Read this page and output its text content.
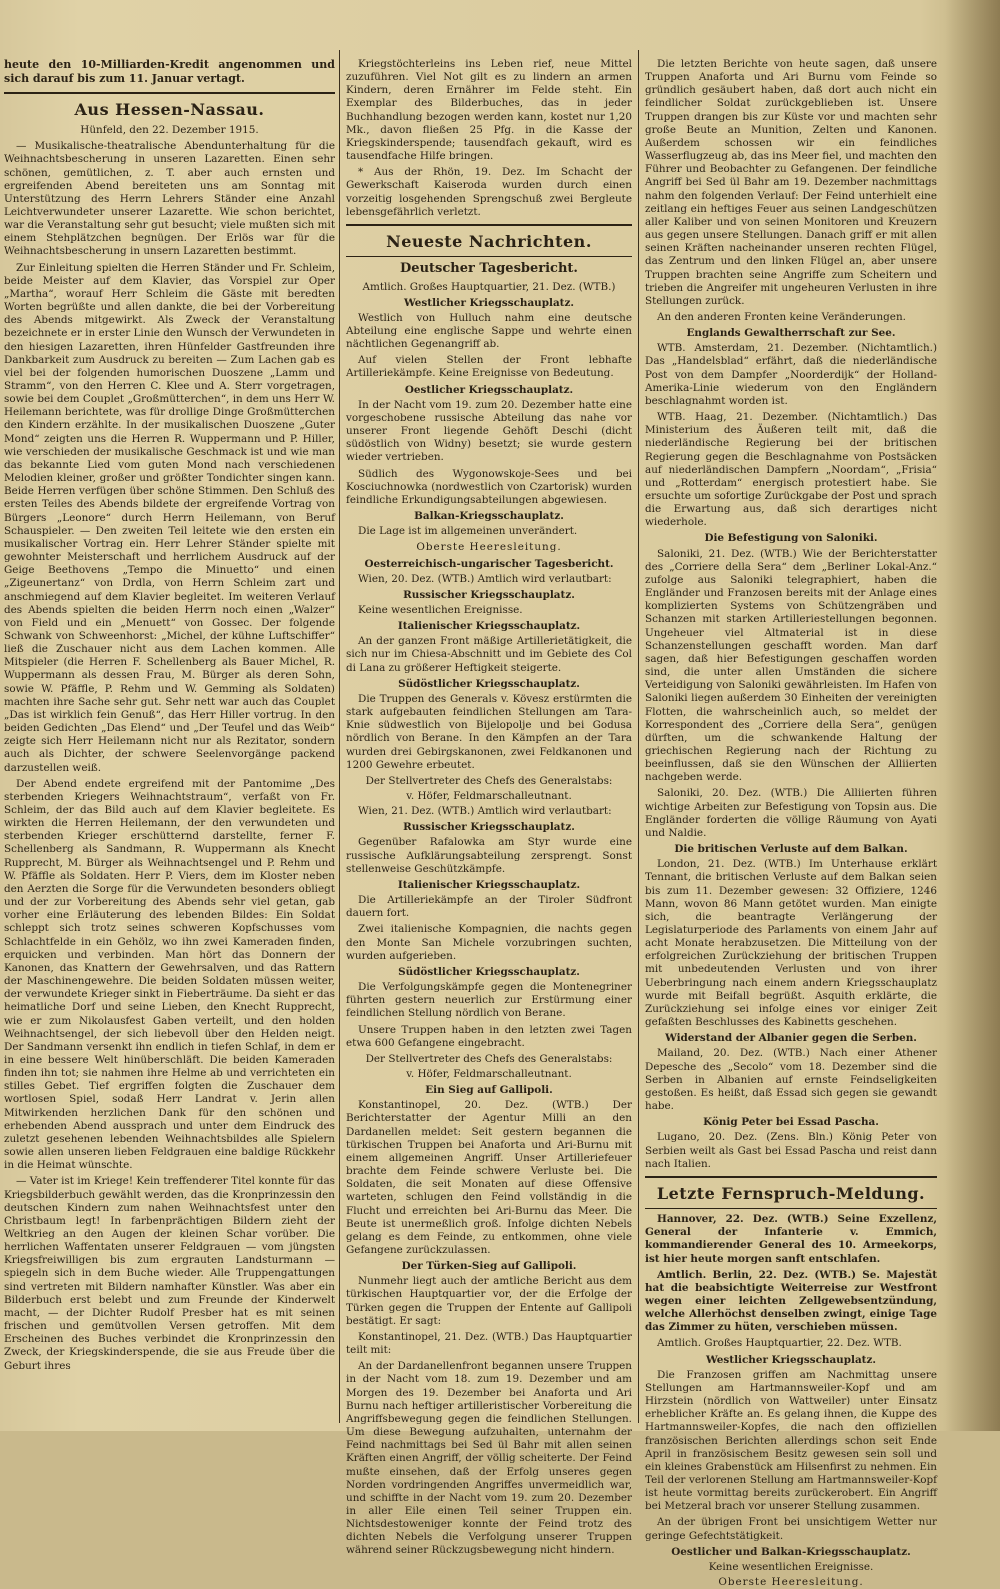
heute den 10-Milliarden-Kredit angenommen und sich darauf bis zum 11. Januar vertagt.

Aus Hessen-Nassau.
Hünfeld, den 22. Dezember 1915.

— Musikalische-theatralische Abendunterhaltung für die Weihnachtsbescherung in unseren Lazaretten. Einen sehr schönen, gemütlichen, z. T. aber auch ernsten und ergreifenden Abend bereiteten uns am Sonntag mit Unterstützung des Herrn Lehrers Ständer eine Anzahl Leichtverwundeter unserer Lazarette. Wie schon berichtet, war die Veranstaltung sehr gut besucht; viele mußten sich mit einem Stehplätzchen begnügen. Der Erlös war für die Weihnachtsbescherung in unsern Lazaretten bestimmt.

Zur Einleitung spielten die Herren Ständer und Fr. Schleim, beide Meister auf dem Klavier, das Vorspiel zur Oper „Martha“, worauf Herr Schleim die Gäste mit beredten Worten begrüßte und allen dankte, die bei der Vorbereitung des Abends mitgewirkt. Als Zweck der Veranstaltung bezeichnete er in erster Linie den Wunsch der Verwundeten in den hiesigen Lazaretten, ihren Hünfelder Gastfreunden ihre Dankbarkeit zum Ausdruck zu bereiten — Zum Lachen gab es viel bei der folgenden humorischen Duoszene „Lamm und Stramm“, von den Herren C. Klee und A. Sterr vorgetragen, sowie bei dem Couplet „Großmütterchen“, in dem uns Herr W. Heilemann berichtete, was für drollige Dinge Großmütterchen den Kindern erzählte. In der musikalischen Duoszene „Guter Mond“ zeigten uns die Herren R. Wuppermann und P. Hiller, wie verschieden der musikalische Geschmack ist und wie man das bekannte Lied vom guten Mond nach verschiedenen Melodien kleiner, großer und größter Tondichter singen kann. Beide Herren verfügen über schöne Stimmen. Den Schluß des ersten Teiles des Abends bildete der ergreifende Vortrag von Bürgers „Leonore“ durch Herrn Heilemann, von Beruf Schauspieler. — Den zweiten Teil leitete wie den ersten ein musikalischer Vortrag ein. Herr Lehrer Ständer spielte mit gewohnter Meisterschaft und herrlichem Ausdruck auf der Geige Beethovens „Tempo die Minuetto“ und einen „Zigeunertanz“ von Drdla, von Herrn Schleim zart und anschmiegend auf dem Klavier begleitet. Im weiteren Verlauf des Abends spielten die beiden Herrn noch einen „Walzer“ von Field und ein „Menuett“ von Gossec. Der folgende Schwank von Schweenhorst: „Michel, der kühne Luftschiffer“ ließ die Zuschauer nicht aus dem Lachen kommen. Alle Mitspieler (die Herren F. Schellenberg als Bauer Michel, R. Wuppermann als dessen Frau, M. Bürger als deren Sohn, sowie W. Pfäffle, P. Rehm und W. Gemming als Soldaten) machten ihre Sache sehr gut. Sehr nett war auch das Couplet „Das ist wirklich fein Genuß“, das Herr Hiller vortrug. In den beiden Gedichten „Das Elend“ und „Der Teufel und das Weib“ zeigte sich Herr Heilemann nicht nur als Rezitator, sondern auch als Dichter, der schwere Seelenvorgänge packend darzustellen weiß.

Der Abend endete ergreifend mit der Pantomime „Des sterbenden Kriegers Weihnachtstraum“, verfaßt von Fr. Schleim, der das Bild auch auf dem Klavier begleitete. Es wirkten die Herren Heilemann, der den verwundeten und sterbenden Krieger erschütternd darstellte, ferner F. Schellenberg als Sandmann, R. Wuppermann als Knecht Rupprecht, M. Bürger als Weihnachtsengel und P. Rehm und W. Pfäffle als Soldaten. Herr P. Viers, dem im Kloster neben den Aerzten die Sorge für die Verwundeten besonders obliegt und der zur Vorbereitung des Abends sehr viel getan, gab vorher eine Erläuterung des lebenden Bildes: Ein Soldat schleppt sich trotz seines schweren Kopfschusses vom Schlachtfelde in ein Gehölz, wo ihn zwei Kameraden finden, erquicken und verbinden. Man hört das Donnern der Kanonen, das Knattern der Gewehrsalven, und das Rattern der Maschinengewehre. Die beiden Soldaten müssen weiter, der verwundete Krieger sinkt in Fieberträume. Da sieht er das heimatliche Dorf und seine Lieben, den Knecht Rupprecht, wie er zum Nikolausfest Gaben verteilt, und den holden Weihnachtsengel, der sich liebevoll über den Helden neigt. Der Sandmann versenkt ihn endlich in tiefen Schlaf, in dem er in eine bessere Welt hinüberschläft. Die beiden Kameraden finden ihn tot; sie nahmen ihre Helme ab und verrichteten ein stilles Gebet. Tief ergriffen folgten die Zuschauer dem wortlosen Spiel, sodaß Herr Landrat v. Jerin allen Mitwirkenden herzlichen Dank für den schönen und erhebenden Abend aussprach und unter dem Eindruck des zuletzt gesehenen lebenden Weihnachtsbildes alle Spielern sowie allen unseren lieben Feldgrauen eine baldige Rückkehr in die Heimat wünschte.

— Vater ist im Kriege! Kein treffenderer Titel konnte für das Kriegsbilderbuch gewählt werden, das die Kronprinzessin den deutschen Kindern zum nahen Weihnachtsfest unter den Christbaum legt! In farbenprächtigen Bildern zieht der Weltkrieg an den Augen der kleinen Schar vorüber. Die herrlichen Waffentaten unserer Feldgrauen — vom jüngsten Kriegsfreiwilligen bis zum ergrauten Landsturmann — spiegeln sich in dem Buche wieder. Alle Truppengattungen sind vertreten mit Bildern namhafter Künstler. Was aber ein Bilderbuch erst belebt und zum Freunde der Kinderwelt macht, — der Dichter Rudolf Presber hat es mit seinen frischen und gemütvollen Versen getroffen. Mit dem Erscheinen des Buches verbindet die Kronprinzessin den Zweck, der Kriegskinderspende, die sie aus Freude über die Geburt ihres

Kriegstöchterleins ins Leben rief, neue Mittel zuzuführen. Viel Not gilt es zu lindern an armen Kindern, deren Ernährer im Felde steht. Ein Exemplar des Bilderbuches, das in jeder Buchhandlung bezogen werden kann, kostet nur 1,20 Mk., davon fließen 25 Pfg. in die Kasse der Kriegskinderspende; tausendfach gekauft, wird es tausendfache Hilfe bringen.

* Aus der Rhön, 19. Dez. Im Schacht der Gewerkschaft Kaiseroda wurden durch einen vorzeitig losgehenden Sprengschuß zwei Bergleute lebensgefährlich verletzt.

Neueste Nachrichten.
Deutscher Tagesbericht.

Amtlich. Großes Hauptquartier, 21. Dez. (WTB.)

Westlicher Kriegsschauplatz.

Westlich von Hulluch nahm eine deutsche Abteilung eine englische Sappe und wehrte einen nächtlichen Gegenangriff ab.

Auf vielen Stellen der Front lebhafte Artilleriekämpfe. Keine Ereignisse von Bedeutung.

Oestlicher Kriegsschauplatz.

In der Nacht vom 19. zum 20. Dezember hatte eine vorgeschobene russische Abteilung das nahe vor unserer Front liegende Gehöft Deschi (dicht südöstlich von Widny) besetzt; sie wurde gestern wieder vertrieben.

Südlich des Wygonowskoje-Sees und bei Kosciuchnowka (nordwestlich von Czartorisk) wurden feindliche Erkundigungsabteilungen abgewiesen.

Balkan-Kriegsschauplatz.

Die Lage ist im allgemeinen unverändert.

Oberste Heeresleitung.

Oesterreichisch-ungarischer Tagesbericht.

Wien, 20. Dez. (WTB.) Amtlich wird verlautbart:

Russischer Kriegsschauplatz.

Keine wesentlichen Ereignisse.

Italienischer Kriegsschauplatz.

An der ganzen Front mäßige Artillerietätigkeit, die sich nur im Chiesa-Abschnitt und im Gebiete des Col di Lana zu größerer Heftigkeit steigerte.

Südöstlicher Kriegsschauplatz.

Die Truppen des Generals v. Kövesz erstürmten die stark aufgebauten feindlichen Stellungen am Tara-Knie südwestlich von Bijelopolje und bei Godusa nördlich von Berane. In den Kämpfen an der Tara wurden drei Gebirgskanonen, zwei Feldkanonen und 1200 Gewehre erbeutet.

Der Stellvertreter des Chefs des Generalstabs:

v. Höfer, Feldmarschalleutnant.

Wien, 21. Dez. (WTB.) Amtlich wird verlautbart:

Russischer Kriegsschauplatz.

Gegenüber Rafalowka am Styr wurde eine russische Aufklärungsabteilung zersprengt. Sonst stellenweise Geschützkämpfe.

Italienischer Kriegsschauplatz.

Die Artilleriekämpfe an der Tiroler Südfront dauern fort.

Zwei italienische Kompagnien, die nachts gegen den Monte San Michele vorzubringen suchten, wurden aufgerieben.

Südöstlicher Kriegsschauplatz.

Die Verfolgungskämpfe gegen die Montenegriner führten gestern neuerlich zur Erstürmung einer feindlichen Stellung nördlich von Berane.

Unsere Truppen haben in den letzten zwei Tagen etwa 600 Gefangene eingebracht.

Der Stellvertreter des Chefs des Generalstabs:

v. Höfer, Feldmarschalleutnant.

Ein Sieg auf Gallipoli.

Konstantinopel, 20. Dez. (WTB.) Der Berichterstatter der Agentur Milli an den Dardanellen meldet: Seit gestern begannen die türkischen Truppen bei Anaforta und Ari-Burnu mit einem allgemeinen Angriff. Unser Artilleriefeuer brachte dem Feinde schwere Verluste bei. Die Soldaten, die seit Monaten auf diese Offensive warteten, schlugen den Feind vollständig in die Flucht und erreichten bei Ari-Burnu das Meer. Die Beute ist unermeßlich groß. Infolge dichten Nebels gelang es dem Feinde, zu entkommen, ohne viele Gefangene zurückzulassen.

Der Türken-Sieg auf Gallipoli.

Nunmehr liegt auch der amtliche Bericht aus dem türkischen Hauptquartier vor, der die Erfolge der Türken gegen die Truppen der Entente auf Gallipoli bestätigt. Er sagt:

Konstantinopel, 21. Dez. (WTB.) Das Hauptquartier teilt mit:

An der Dardanellenfront begannen unsere Truppen in der Nacht vom 18. zum 19. Dezember und am Morgen des 19. Dezember bei Anaforta und Ari Burnu nach heftiger artilleristischer Vorbereitung die Angriffsbewegung gegen die feindlichen Stellungen. Um diese Bewegung aufzuhalten, unternahm der Feind nachmittags bei Sed ül Bahr mit allen seinen Kräften einen Angriff, der völlig scheiterte. Der Feind mußte einsehen, daß der Erfolg unseres gegen Norden vordringenden Angriffes unvermeidlich war, und schiffte in der Nacht vom 19. zum 20. Dezember in aller Eile einen Teil seiner Truppen ein. Nichtsdestoweniger konnte der Feind trotz des dichten Nebels die Verfolgung unserer Truppen während seiner Rückzugsbewegung nicht hindern.

Die letzten Berichte von heute sagen, daß unsere Truppen Anaforta und Ari Burnu vom Feinde so gründlich gesäubert haben, daß dort auch nicht ein feindlicher Soldat zurückgeblieben ist. Unsere Truppen drangen bis zur Küste vor und machten sehr große Beute an Munition, Zelten und Kanonen. Außerdem schossen wir ein feindliches Wasserflugzeug ab, das ins Meer fiel, und machten den Führer und Beobachter zu Gefangenen. Der feindliche Angriff bei Sed ül Bahr am 19. Dezember nachmittags nahm den folgenden Verlauf: Der Feind unterhielt eine zeitlang ein heftiges Feuer aus seinen Landgeschützen aller Kaliber und von seinen Monitoren und Kreuzern aus gegen unsere Stellungen. Danach griff er mit allen seinen Kräften nacheinander unseren rechten Flügel, das Zentrum und den linken Flügel an, aber unsere Truppen brachten seine Angriffe zum Scheitern und trieben die Angreifer mit ungeheuren Verlusten in ihre Stellungen zurück.

An den anderen Fronten keine Veränderungen.

Englands Gewaltherrschaft zur See.

WTB. Amsterdam, 21. Dezember. (Nichtamtlich.) Das „Handelsblad“ erfährt, daß die niederländische Post von dem Dampfer „Noorderdijk“ der Holland-Amerika-Linie wiederum von den Engländern beschlagnahmt worden ist.

WTB. Haag, 21. Dezember. (Nichtamtlich.) Das Ministerium des Äußeren teilt mit, daß die niederländische Regierung bei der britischen Regierung gegen die Beschlagnahme von Postsäcken auf niederländischen Dampfern „Noordam“, „Frisia“ und „Rotterdam“ energisch protestiert habe. Sie ersuchte um sofortige Zurückgabe der Post und sprach die Erwartung aus, daß sich derartiges nicht wiederhole.

Die Befestigung von Saloniki.

Saloniki, 21. Dez. (WTB.) Wie der Berichterstatter des „Corriere della Sera“ dem „Berliner Lokal-Anz.“ zufolge aus Saloniki telegraphiert, haben die Engländer und Franzosen bereits mit der Anlage eines komplizierten Systems von Schützengräben und Schanzen mit starken Artilleriestellungen begonnen. Ungeheuer viel Altmaterial ist in diese Schanzenstellungen geschafft worden. Man darf sagen, daß hier Befestigungen geschaffen worden sind, die unter allen Umständen die sichere Verteidigung von Saloniki gewährleisten. Im Hafen von Saloniki liegen außerdem 30 Einheiten der vereinigten Flotten, die wahrscheinlich auch, so meldet der Korrespondent des „Corriere della Sera“, genügen dürften, um die schwankende Haltung der griechischen Regierung nach der Richtung zu beeinflussen, daß sie den Wünschen der Alliierten nachgeben werde.

Saloniki, 20. Dez. (WTB.) Die Alliierten führen wichtige Arbeiten zur Befestigung von Topsin aus. Die Engländer forderten die völlige Räumung von Ayati und Naldie.

Die britischen Verluste auf dem Balkan.

London, 21. Dez. (WTB.) Im Unterhause erklärt Tennant, die britischen Verluste auf dem Balkan seien bis zum 11. Dezember gewesen: 32 Offiziere, 1246 Mann, wovon 86 Mann getötet wurden. Man einigte sich, die beantragte Verlängerung der Legislaturperiode des Parlaments von einem Jahr auf acht Monate herabzusetzen. Die Mitteilung von der erfolgreichen Zurückziehung der britischen Truppen mit unbedeutenden Verlusten und von ihrer Ueberbringung nach einem andern Kriegsschauplatz wurde mit Beifall begrüßt. Asquith erklärte, die Zurückziehung sei infolge eines vor einiger Zeit gefaßten Beschlusses des Kabinetts geschehen.

Widerstand der Albanier gegen die Serben.

Mailand, 20. Dez. (WTB.) Nach einer Athener Depesche des „Secolo“ vom 18. Dezember sind die Serben in Albanien auf ernste Feindseligkeiten gestoßen. Es heißt, daß Essad sich gegen sie gewandt habe.

König Peter bei Essad Pascha.

Lugano, 20. Dez. (Zens. Bln.) König Peter von Serbien weilt als Gast bei Essad Pascha und reist dann nach Italien.

Letzte Fernspruch-Meldung.

Hannover, 22. Dez. (WTB.) Seine Exzellenz, General der Infanterie v. Emmich, kommandierender General des 10. Armeekorps, ist hier heute morgen sanft entschlafen.

Amtlich. Berlin, 22. Dez. (WTB.) Se. Majestät hat die beabsichtigte Weiterreise zur Westfront wegen einer leichten Zellgewebsentzündung, welche Allerhöchst denselben zwingt, einige Tage das Zimmer zu hüten, verschieben müssen.

Amtlich. Großes Hauptquartier, 22. Dez. WTB.

Westlicher Kriegsschauplatz.

Die Franzosen griffen am Nachmittag unsere Stellungen am Hartmannsweiler-Kopf und am Hirzstein (nördlich von Wattweiler) unter Einsatz erheblicher Kräfte an. Es gelang ihnen, die Kuppe des Hartmannsweiler-Kopfes, die nach den offiziellen französischen Berichten allerdings schon seit Ende April in französischem Besitz gewesen sein soll und ein kleines Grabenstück am Hilsenfirst zu nehmen. Ein Teil der verlorenen Stellung am Hartmannsweiler-Kopf ist heute vormittag bereits zurückerobert. Ein Angriff bei Metzeral brach vor unserer Stellung zusammen.

An der übrigen Front bei unsichtigem Wetter nur geringe Gefechtstätigkeit.

Oestlicher und Balkan-Kriegsschauplatz.

Keine wesentlichen Ereignisse.

Oberste Heeresleitung.
